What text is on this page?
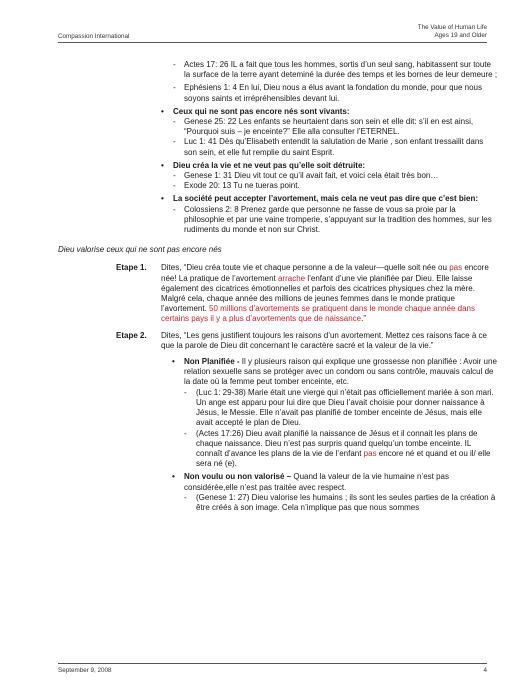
Compassion International
The Value of Human Life
Ages 19 and Older
- Actes 17: 26 IL a fait que tous les hommes, sortis d’un seul sang, habitassent sur toute la surface de la terre ayant deteminé la durée des temps et les bornes de leur demeure ;
- Ephésiens 1: 4 En lui, Dieu nous a élus avant la fondation du monde, pour que nous soyons saints et irrépréhensibles devant lui.
• Ceux qui ne sont pas encore nés sont vivants:
- Genese 25: 22 Les enfants se heurtaient dans son sein et elle dit: s’il en est ainsi, “Pourquoi suis – je enceinte?” Elle alla consulter l’ETERNEL.
- Luc 1: 41 Dès qu’Elisabeth entendit la salutation de Marie , son enfant tressailit dans son sein, et elle fut remplie du saint Esprit.
• Dieu créa la vie et ne veut pas qu’elle soit détruite:
- Genese 1: 31 Dieu vit tout ce qu’il avait fait, et voici cela était très bon…
- Exode 20: 13 Tu ne tueras point.
• La société peut accepter l’avortement, mais cela ne veut pas dire que c’est bien:
- Colossiens 2: 8 Prenez garde que personne ne fasse de vous sa proie par la philosophie et par une vaine tromperie, s’appuyant sur la tradition des hommes, sur les rudiments du monde et non sur Christ.
Dieu valorise ceux qui ne sont pas encore nés
Etape 1. Dites, “Dieu créa toute vie et chaque personne a de la valeur—quelle soit née ou pas encore née! La pratique de l’avortement arrache l’enfant d’une vie planifiée par Dieu. Elle laisse également des cicatrices émotionnelles et parfois des cicatrices physiques chez la mère. Malgré cela, chaque année des millions de jeunes femmes dans le monde pratique l’avortement. 50 millions d’avortements se pratiquent dans le monde chaque année dans certains pays il y a plus d’avortements que de naissance.”
Etape 2. Dites, “Les gens justifient toujours les raisons d’un avortement. Mettez ces raisons face à ce que la parole de Dieu dit concernant le caractère sacré et la valeur de la vie.”
• Non Planifiée - Il y plusieurs raison qui explique une grossesse non planifiée : Avoir une relation sexuelle sans se protéger avec un condom ou sans contrôle, mauvais calcul de la date où la femme peut tomber enceinte, etc.
- (Luc 1: 29-38) Marie était une vierge qui n’était pas officiellement mariée à son mari. Un ange est apparu pour lui dire que Dieu l’avait choisie pour donner naissance à Jésus, le Messie. Elle n’avait pas planifié de tomber enceinte de Jésus, mais elle avait accepté le plan de Dieu.
- (Actes 17:26) Dieu avait planifié la naissance de Jésus et il connait les plans de chaque naissance. Dieu n’est pas surpris quand quelqu’un tombe enceinte. IL connaît d’avance les plans de la vie de l’enfant pas encore né et quand et ou il/ elle sera né (e).
• Non voulu ou non valorisé – Quand la valeur de la vie humaine n’est pas considérée,elle n’est pas traitée avec respect.
- (Genese 1: 27) Dieu valorise les humains ; ils sont les seules parties de la création à être créés à son image. Cela n’implique pas que nous sommes
September 9, 2008	4
